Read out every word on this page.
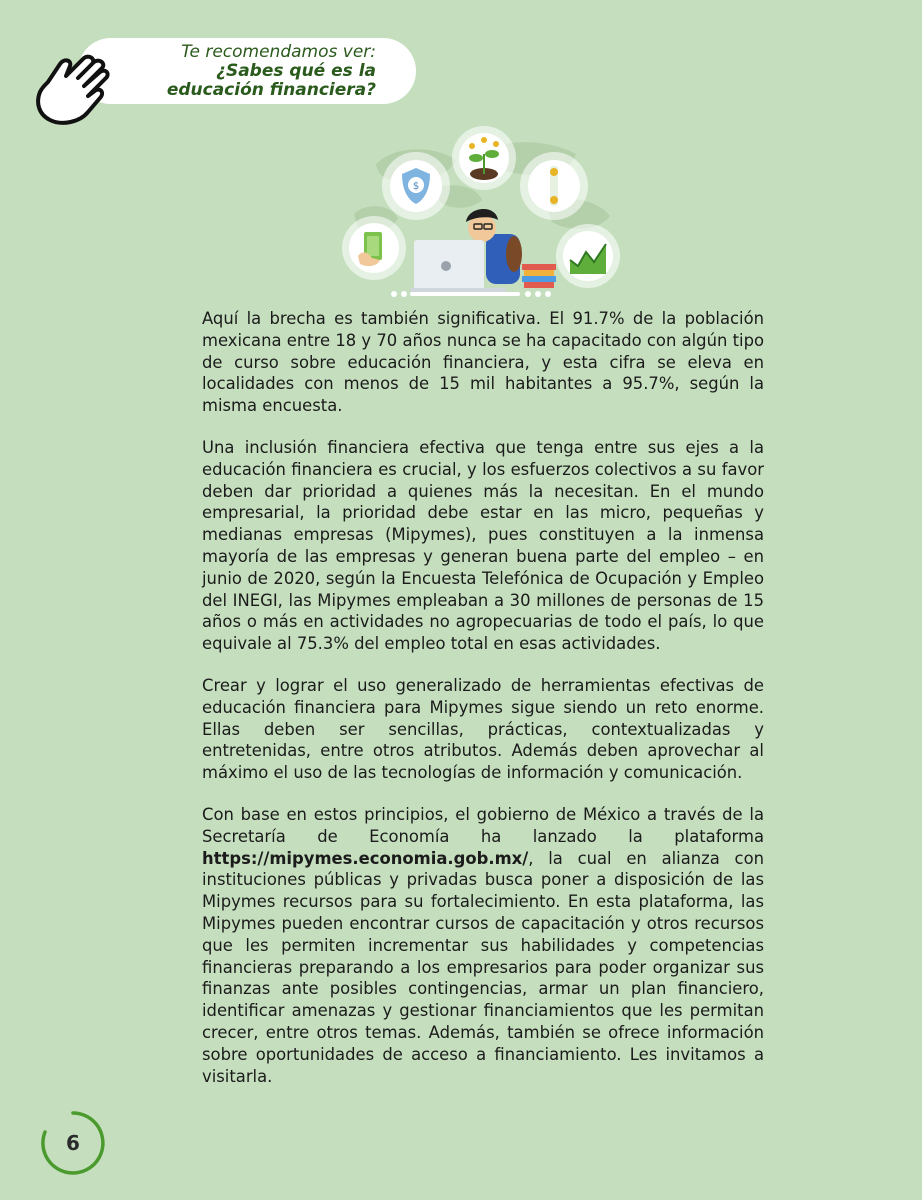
Te recomendamos ver:
¿Sabes qué es la
educación financiera?
$

Aquí la brecha es también significativa. El 91.7% de la población mexicana entre 18 y 70 años nunca se ha capacitado con algún tipo de curso sobre educación financiera, y esta cifra se eleva en localidades con menos de 15 mil habitantes a 95.7%, según la misma encuesta.

Una inclusión financiera efectiva que tenga entre sus ejes a la educación financiera es crucial, y los esfuerzos colectivos a su favor deben dar prioridad a quienes más la necesitan. En el mundo empresarial, la prioridad debe estar en las micro, pequeñas y medianas empresas (Mipymes), pues constituyen a la inmensa mayoría de las empresas y generan buena parte del empleo – en junio de 2020, según la Encuesta Telefónica de Ocupación y Empleo del INEGI, las Mipymes empleaban a 30 millones de personas de 15 años o más en actividades no agropecuarias de todo el país, lo que equivale al 75.3% del empleo total en esas actividades.

Crear y lograr el uso generalizado de herramientas efectivas de educación financiera para Mipymes sigue siendo un reto enorme. Ellas deben ser sencillas, prácticas, contextualizadas y entretenidas, entre otros atributos. Además deben aprovechar al máximo el uso de las tecnologías de información y comunicación.

Con base en estos principios, el gobierno de México a través de la Secretaría de Economía ha lanzado la plataforma https://mipymes.economia.gob.mx/, la cual en alianza con instituciones públicas y privadas busca poner a disposición de las Mipymes recursos para su fortalecimiento. En esta plataforma, las Mipymes pueden encontrar cursos de capacitación y otros recursos que les permiten incrementar sus habilidades y competencias financieras preparando a los empresarios para poder organizar sus finanzas ante posibles contingencias, armar un plan financiero, identificar amenazas y gestionar financiamientos que les permitan crecer, entre otros temas. Además, también se ofrece información sobre oportunidades de acceso a financiamiento. Les invitamos a visitarla.

6
